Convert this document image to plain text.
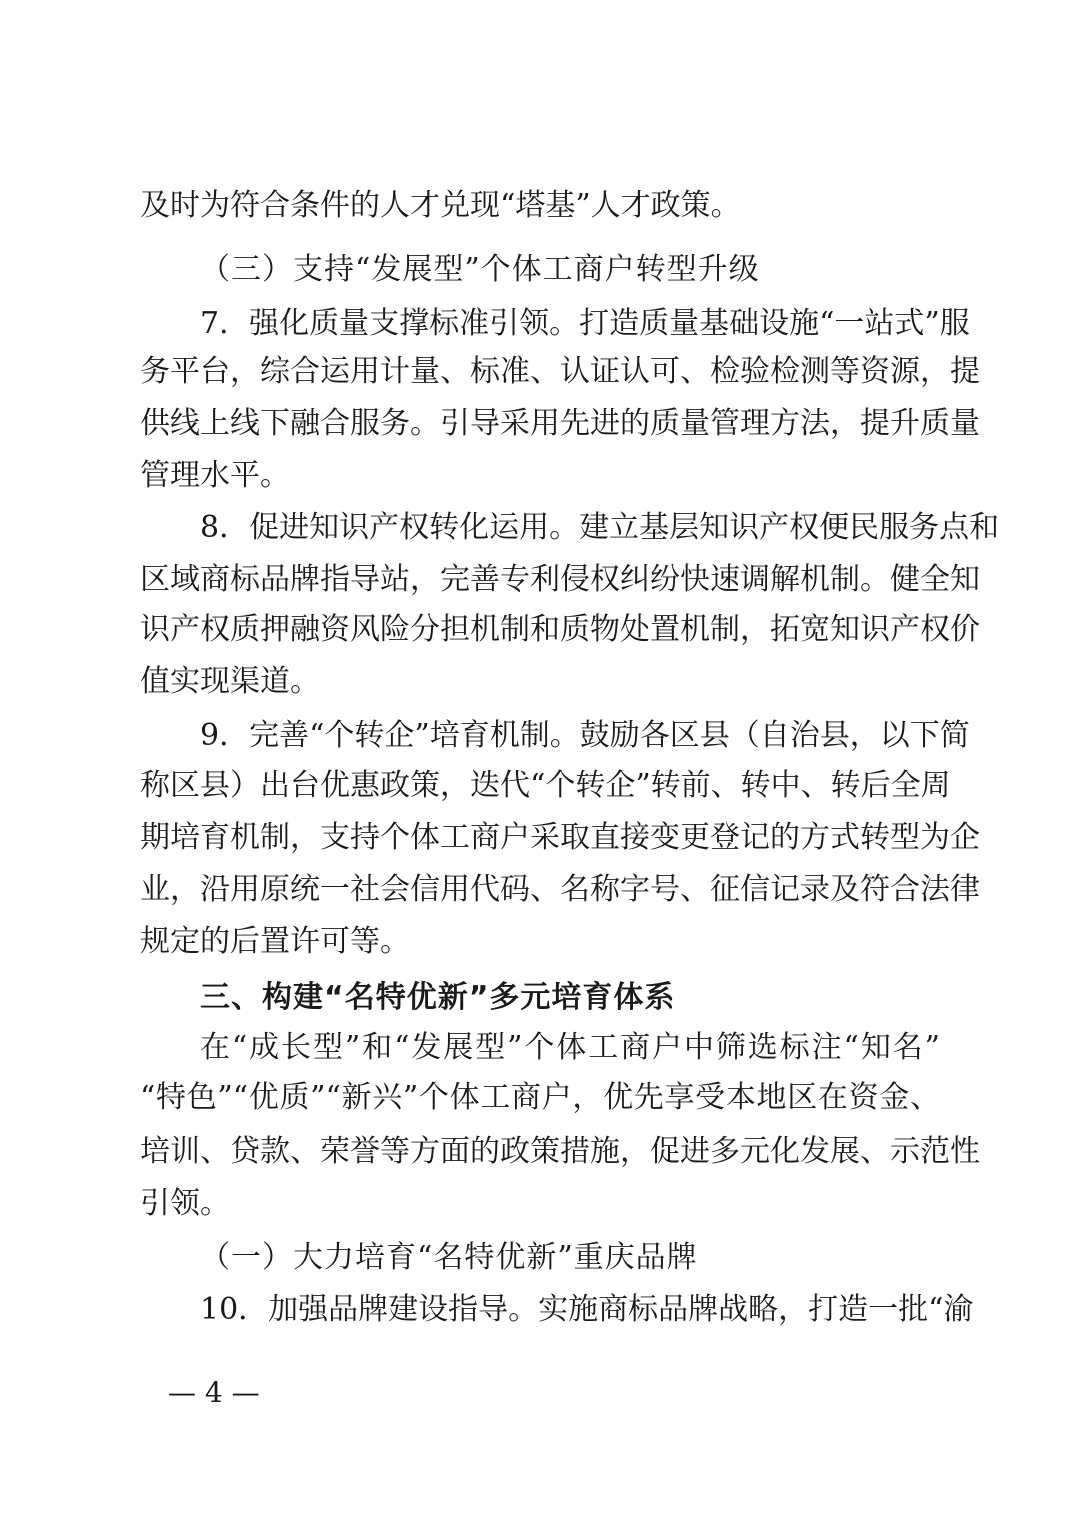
及时为符合条件的人才兑现“塔基”人才政策。
（三）支持“发展型”个体工商户转型升级
7．强化质量支撑标准引领。打造质量基础设施“一站式”服
务平台，综合运用计量、标准、认证认可、检验检测等资源，提
供线上线下融合服务。引导采用先进的质量管理方法，提升质量
管理水平。
8．促进知识产权转化运用。建立基层知识产权便民服务点和
区域商标品牌指导站，完善专利侵权纠纷快速调解机制。健全知
识产权质押融资风险分担机制和质物处置机制，拓宽知识产权价
值实现渠道。
9．完善“个转企”培育机制。鼓励各区县（自治县，以下简
称区县）出台优惠政策，迭代“个转企”转前、转中、转后全周
期培育机制，支持个体工商户采取直接变更登记的方式转型为企
业，沿用原统一社会信用代码、名称字号、征信记录及符合法律
规定的后置许可等。
三、构建“名特优新”多元培育体系
在“成长型”和“发展型”个体工商户中筛选标注“知名”
“特色”“优质”“新兴”个体工商户，优先享受本地区在资金、
培训、贷款、荣誉等方面的政策措施，促进多元化发展、示范性
引领。
（一）大力培育“名特优新”重庆品牌
10．加强品牌建设指导。实施商标品牌战略，打造一批“渝
— 4 —
